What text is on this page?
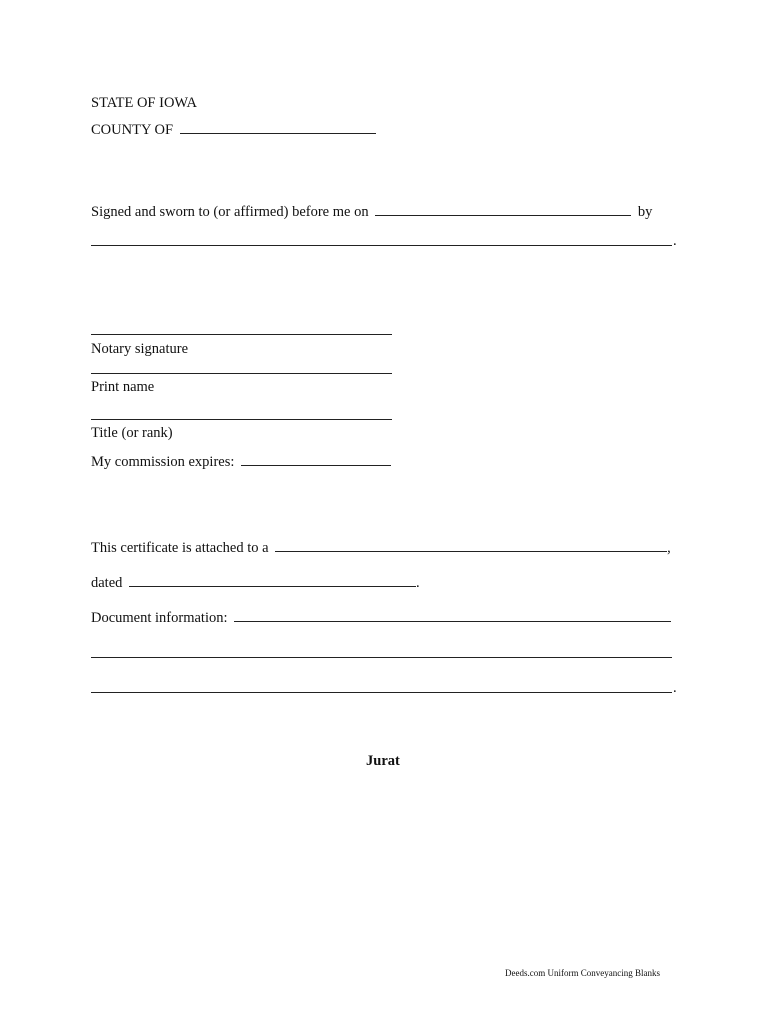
STATE OF IOWA
COUNTY OF
Signed and sworn to (or affirmed) before me on	by
.
Notary signature
Print name
Title (or rank)
My commission expires:
This certificate is attached to a	,
dated	.
Document information:
.
Jurat
Deeds.com Uniform Conveyancing Blanks
